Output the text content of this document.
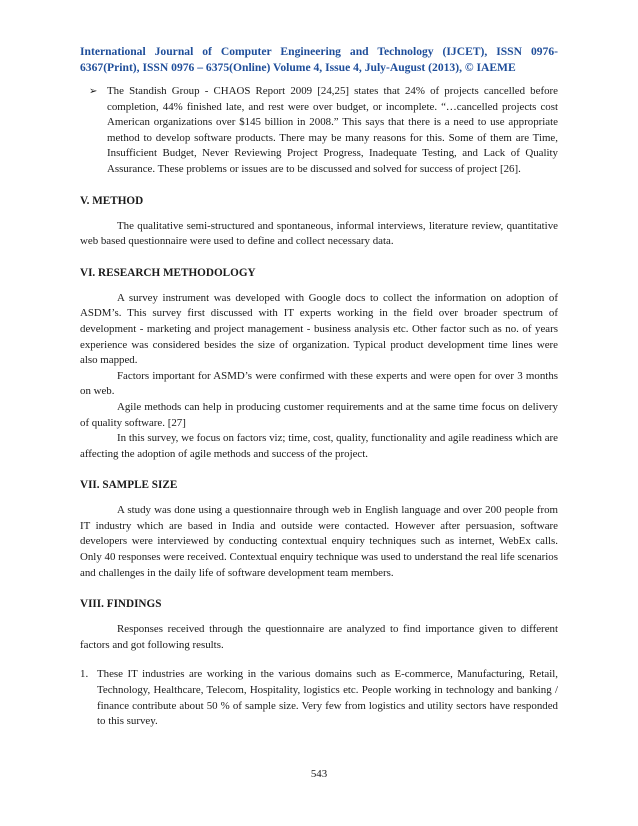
International Journal of Computer Engineering and Technology (IJCET), ISSN 0976-6367(Print), ISSN 0976 – 6375(Online) Volume 4, Issue 4, July-August (2013), © IAEME
➢ The Standish Group - CHAOS Report 2009 [24,25] states that 24% of projects cancelled before completion, 44% finished late, and rest were over budget, or incomplete. “…cancelled projects cost American organizations over $145 billion in 2008.” This says that there is a need to use appropriate method to develop software products. There may be many reasons for this. Some of them are Time, Insufficient Budget, Never Reviewing Project Progress, Inadequate Testing, and Lack of Quality Assurance. These problems or issues are to be discussed and solved for success of project [26].
V. METHOD

The qualitative semi-structured and spontaneous, informal interviews, literature review, quantitative web based questionnaire were used to define and collect necessary data.

VI. RESEARCH METHODOLOGY

A survey instrument was developed with Google docs to collect the information on adoption of ASDM’s. This survey first discussed with IT experts working in the field over broader spectrum of development - marketing and project management - business analysis etc. Other factor such as no. of years experience was considered besides the size of organization. Typical product development time lines were also mapped.

Factors important for ASMD’s were confirmed with these experts and were open for over 3 months on web.

Agile methods can help in producing customer requirements and at the same time focus on delivery of quality software. [27]

In this survey, we focus on factors viz; time, cost, quality, functionality and agile readiness which are affecting the adoption of agile methods and success of the project.

VII. SAMPLE SIZE

A study was done using a questionnaire through web in English language and over 200 people from IT industry which are based in India and outside were contacted. However after persuasion, software developers were interviewed by conducting contextual enquiry techniques such as internet, WebEx calls. Only 40 responses were received. Contextual enquiry technique was used to understand the real life scenarios and challenges in the daily life of software development team members.

VIII. FINDINGS

Responses received through the questionnaire are analyzed to find importance given to different factors and got following results.

1. These IT industries are working in the various domains such as E-commerce, Manufacturing, Retail, Technology, Healthcare, Telecom, Hospitality, logistics etc. People working in technology and banking / finance contribute about 50 % of sample size. Very few from logistics and utility sectors have responded to this survey.
543
